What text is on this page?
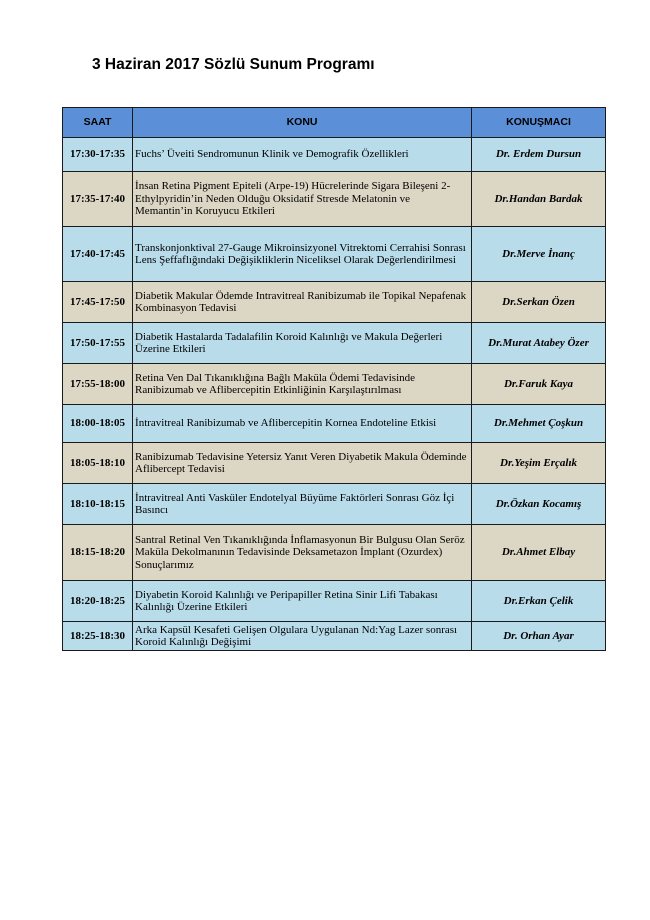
3 Haziran 2017 Sözlü Sunum Programı
SAAT	KONU	KONUŞMACI
17:30-17:35	Fuchs’ Üveiti Sendromunun Klinik ve Demografik Özellikleri	Dr. Erdem Dursun
17:35-17:40	İnsan Retina Pigment Epiteli (Arpe-19) Hücrelerinde Sigara Bileşeni 2-Ethylpyridin’in Neden Olduğu Oksidatif Stresde Melatonin ve Memantin’in Koruyucu Etkileri	Dr.Handan Bardak
17:40-17:45	Transkonjonktival 27-Gauge Mikroinsizyonel Vitrektomi Cerrahisi Sonrası Lens Şeffaflığındaki Değişikliklerin Niceliksel Olarak Değerlendirilmesi	Dr.Merve İnanç
17:45-17:50	Diabetik Makular Ödemde Intravitreal Ranibizumab ile Topikal Nepafenak Kombinasyon Tedavisi	Dr.Serkan Özen
17:50-17:55	Diabetik Hastalarda Tadalafilin Koroid Kalınlığı ve Makula Değerleri Üzerine Etkileri	Dr.Murat Atabey Özer
17:55-18:00	Retina Ven Dal Tıkanıklığına Bağlı Maküla Ödemi Tedavisinde Ranibizumab ve Aflibercepitin Etkinliğinin Karşılaştırılması	Dr.Faruk Kaya
18:00-18:05	İntravitreal Ranibizumab ve Aflibercepitin Kornea Endoteline Etkisi	Dr.Mehmet Çoşkun
18:05-18:10	Ranibizumab Tedavisine Yetersiz Yanıt Veren Diyabetik Makula Ödeminde Aflibercept Tedavisi	Dr.Yeşim Erçalık
18:10-18:15	İntravitreal Anti Vasküler Endotelyal Büyüme Faktörleri Sonrası Göz İçi Basıncı	Dr.Özkan Kocamış
18:15-18:20	Santral Retinal Ven Tıkanıklığında İnflamasyonun Bir Bulgusu Olan Seröz Maküla Dekolmanının Tedavisinde Deksametazon İmplant (Ozurdex) Sonuçlarımız	Dr.Ahmet Elbay
18:20-18:25	Diyabetin Koroid Kalınlığı ve Peripapiller Retina Sinir Lifi Tabakası Kalınlığı Üzerine Etkileri	Dr.Erkan Çelik
18:25-18:30	Arka Kapsül Kesafeti Gelişen Olgulara Uygulanan Nd:Yag Lazer sonrası Koroid Kalınlığı Değişimi	Dr. Orhan Ayar
